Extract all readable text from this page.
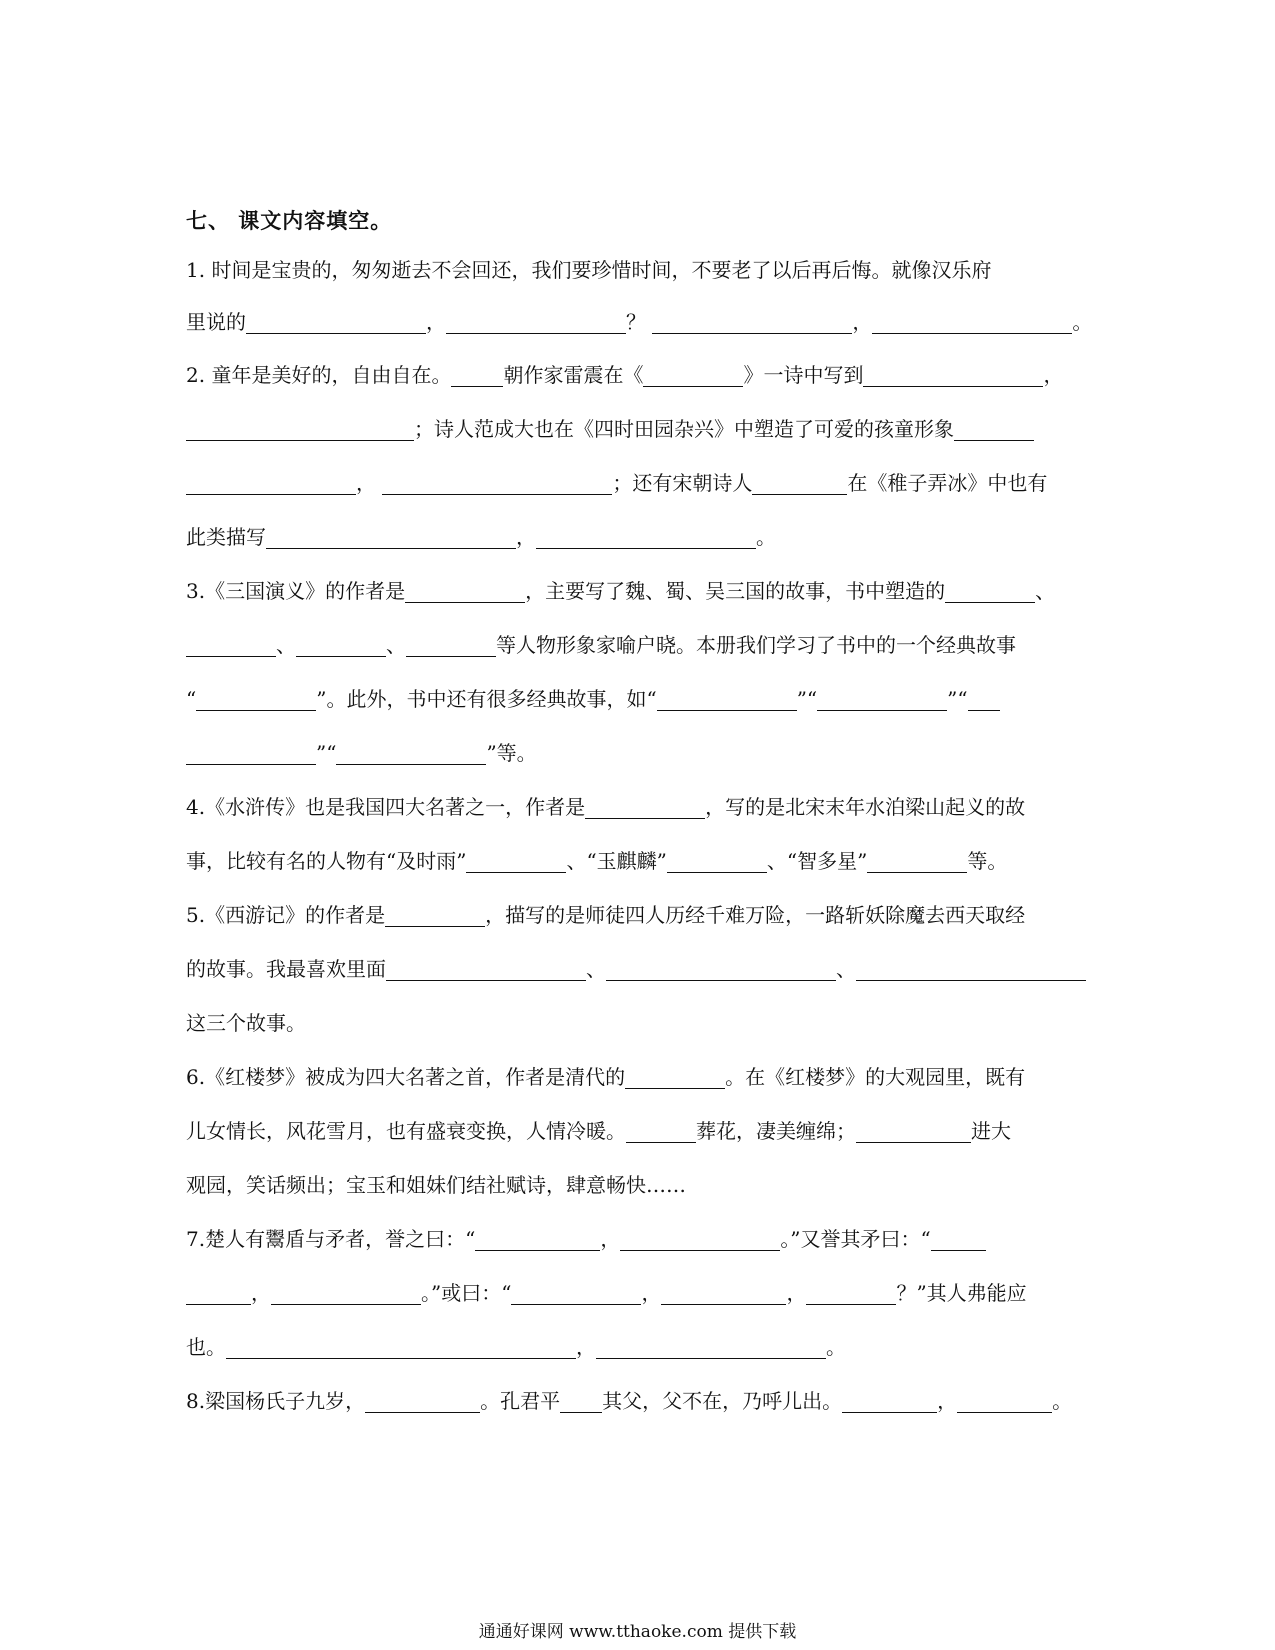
七、 课文内容填空。
1. 时间是宝贵的，匆匆逝去不会回还，我们要珍惜时间，不要老了以后再后悔。就像汉乐府
里说的	，	？	，	。
2. 童年是美好的，自由自在。	朝作家雷震在《	》一诗中写到	，
；诗人范成大也在《四时田园杂兴》中塑造了可爱的孩童形象
，	；还有宋朝诗人	在《稚子弄冰》中也有
此类描写	，	。
3.《三国演义》的作者是	，主要写了魏、蜀、吴三国的故事，书中塑造的	、
、	、	等人物形象家喻户晓。本册我们学习了书中的一个经典故事
“	”。此外，书中还有很多经典故事，如“	”“	”“
”“	”等。
4.《水浒传》也是我国四大名著之一，作者是	，写的是北宋末年水泊梁山起义的故
事，比较有名的人物有“及时雨”	、“玉麒麟”	、“智多星”	等。
5.《西游记》的作者是	，描写的是师徒四人历经千难万险，一路斩妖除魔去西天取经
的故事。我最喜欢里面	、	、
这三个故事。
6.《红楼梦》被成为四大名著之首，作者是清代的	。在《红楼梦》的大观园里，既有
儿女情长，风花雪月，也有盛衰变换，人情冷暖。	葬花，凄美缠绵；	进大
观园，笑话频出；宝玉和姐妹们结社赋诗，肆意畅快……
7.楚人有鬻盾与矛者，誉之曰：“	，	。”又誉其矛曰：“
，	。”或曰：“	，	，	？”其人弗能应
也。	，	。
8.梁国杨氏子九岁，	。孔君平 其父，父不在，乃呼儿出。	，	。
通通好课网 www.tthaoke.com 提供下载
